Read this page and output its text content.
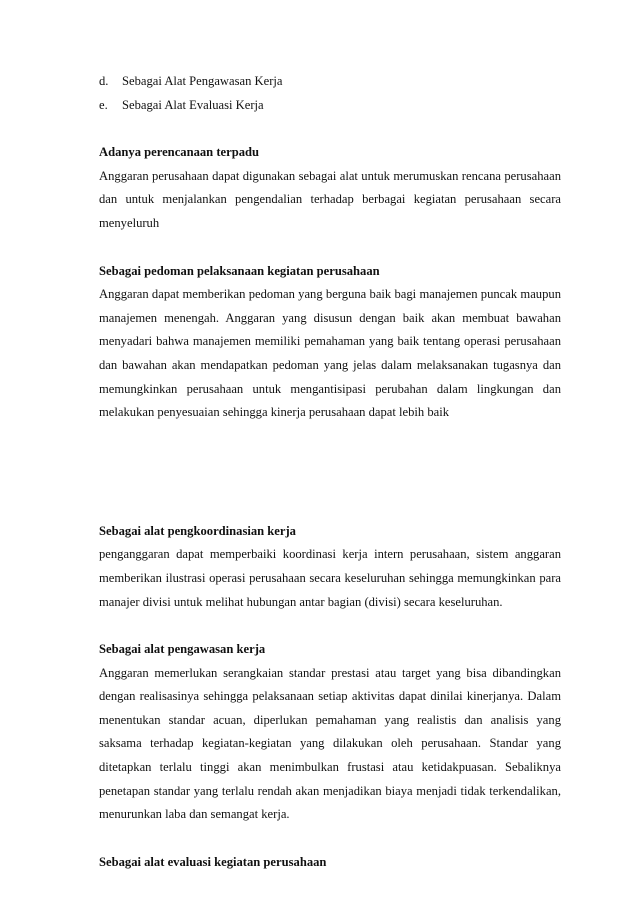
d.	Sebagai Alat Pengawasan Kerja
e.	Sebagai Alat Evaluasi Kerja

Adanya perencanaan terpadu

Anggaran perusahaan dapat digunakan sebagai alat untuk merumuskan rencana perusahaan dan untuk menjalankan pengendalian terhadap berbagai kegiatan perusahaan secara menyeluruh

Sebagai pedoman pelaksanaan kegiatan perusahaan

Anggaran dapat memberikan pedoman yang berguna baik bagi manajemen puncak maupun manajemen menengah. Anggaran yang disusun dengan baik akan membuat bawahan menyadari bahwa manajemen memiliki pemahaman yang baik tentang operasi perusahaan dan bawahan akan mendapatkan pedoman yang jelas dalam melaksanakan tugasnya dan memungkinkan perusahaan untuk mengantisipasi perubahan dalam lingkungan dan melakukan penyesuaian sehingga kinerja perusahaan dapat lebih baik

Sebagai alat pengkoordinasian kerja

penganggaran dapat memperbaiki koordinasi kerja intern perusahaan, sistem anggaran memberikan ilustrasi operasi perusahaan secara keseluruhan sehingga memungkinkan para manajer divisi untuk melihat hubungan antar bagian (divisi) secara keseluruhan.

Sebagai alat pengawasan kerja

Anggaran memerlukan serangkaian standar prestasi atau target yang bisa dibandingkan dengan realisasinya sehingga pelaksanaan setiap aktivitas dapat dinilai kinerjanya. Dalam menentukan standar acuan, diperlukan pemahaman yang realistis dan analisis yang saksama terhadap kegiatan-kegiatan yang dilakukan oleh perusahaan. Standar yang ditetapkan terlalu tinggi akan menimbulkan frustasi atau ketidakpuasan. Sebaliknya penetapan standar yang terlalu rendah akan menjadikan biaya menjadi tidak terkendalikan, menurunkan laba dan semangat kerja.

Sebagai alat evaluasi kegiatan perusahaan
